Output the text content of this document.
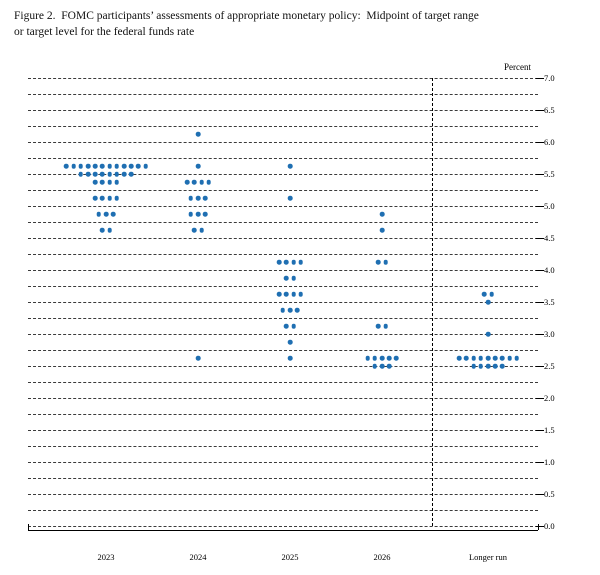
Figure 2.  FOMC participants’ assessments of appropriate monetary policy:  Midpoint of target range
or target level for the federal funds rate
Percent
7.0
6.5
6.0
5.5
5.0
4.5
4.0
3.5
3.0
2.5
2.0
1.5
1.0
0.5
0.0
2023	2024	2025	2026	Longer run
